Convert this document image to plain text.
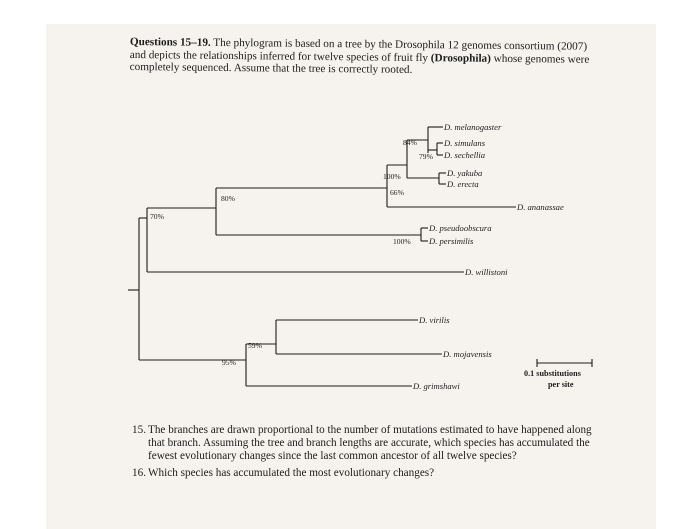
Questions 15–19. The phylogram is based on a tree by the Drosophila 12 genomes consortium (2007) and depicts the relationships inferred for twelve species of fruit fly (Drosophila) whose genomes were completely sequenced. Assume that the tree is correctly rooted.
D. melanogaster
D. simulans
D. sechellia
D. yakuba
D. erecta
D. ananassae
D. pseudoobscura
D. persimilis
D. willistoni
D. virilis
D. mojavensis
D. grimshawi
84%
79%
100%
66%
80%
70%
100%
59%
95%
0.1 substitutions
per site
15. The branches are drawn proportional to the number of mutations estimated to have happened along that branch. Assuming the tree and branch lengths are accurate, which species has accumulated the fewest evolutionary changes since the last common ancestor of all twelve species?
16. Which species has accumulated the most evolutionary changes?
